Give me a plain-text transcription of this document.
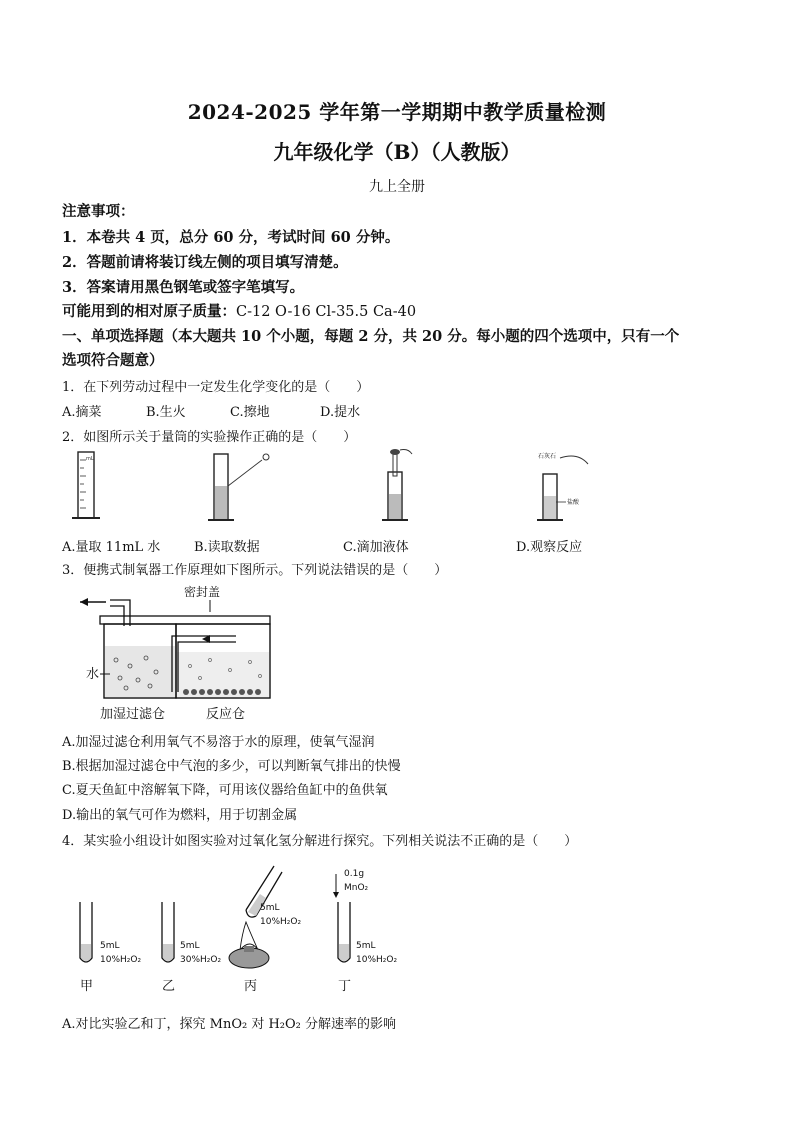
2024-2025 学年第一学期期中教学质量检测
九年级化学（B）（人教版）
九上全册
注意事项：
1．本卷共 4 页，总分 60 分，考试时间 60 分钟。
2．答题前请将装订线左侧的项目填写清楚。
3．答案请用黑色钢笔或签字笔填写。
可能用到的相对原子质量：C-12 O-16 Cl-35.5 Ca-40
一、单项选择题（本大题共 10 个小题，每题 2 分，共 20 分。每小题的四个选项中，只有一个
选项符合题意）
1．在下列劳动过程中一定发生化学变化的是（　　）
A.摘菜	B.生火	C.擦地	D.提水
2．如图所示关于量筒的实验操作正确的是（　　）
mL	石灰石
盐酸
A.量取 11mL 水	B.读取数据	C.滴加液体	D.观察反应
3．便携式制氧器工作原理如下图所示。下列说法错误的是（　　）
密封盖
水
加湿过滤仓	反应仓
A.加湿过滤仓利用氧气不易溶于水的原理，使氧气湿润
B.根据加湿过滤仓中气泡的多少，可以判断氧气排出的快慢
C.夏天鱼缸中溶解氧下降，可用该仪器给鱼缸中的鱼供氧
D.输出的氧气可作为燃料，用于切割金属
4．某实验小组设计如图实验对过氧化氢分解进行探究。下列相关说法不正确的是（　　）
5mL
10%H₂O₂
甲
5mL
30%H₂O₂
乙
5mL
10%H₂O₂
丙
0.1g
MnO₂
5mL
10%H₂O₂
丁
A.对比实验乙和丁，探究 MnO₂ 对 H₂O₂ 分解速率的影响
